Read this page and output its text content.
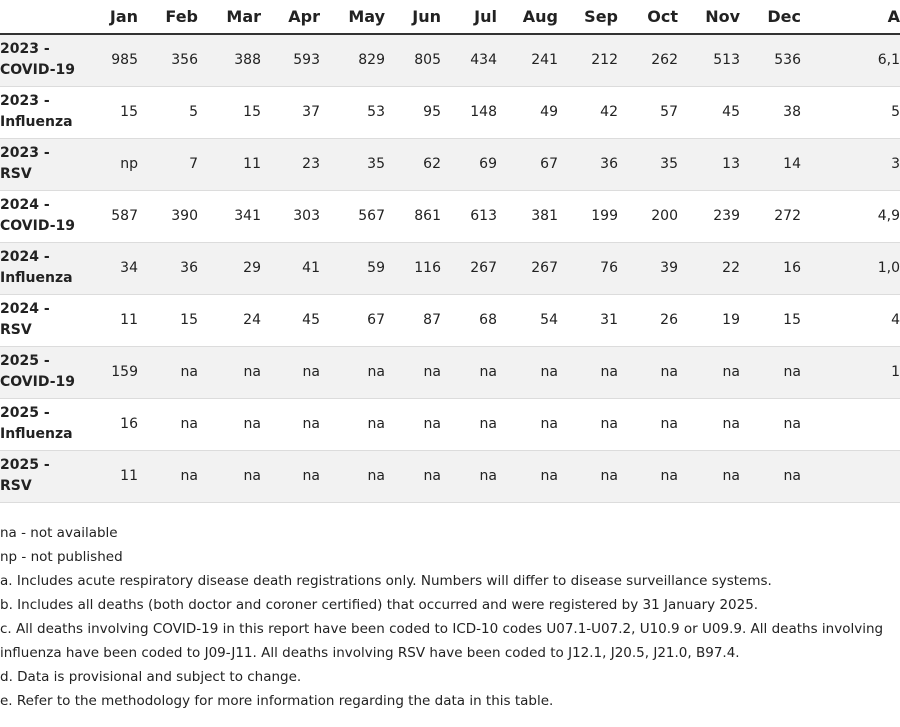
	Jan	Feb	Mar	Apr	May	Jun	Jul	Aug	Sep	Oct	Nov	Dec	A

2023 -
COVID-19	985	356	388	593	829	805	434	241	212	262	513	536	6,1

2023 -
Influenza	15	5	15	37	53	95	148	49	42	57	45	38	5

2023 -
RSV	np	7	11	23	35	62	69	67	36	35	13	14	3

2024 -
COVID-19	587	390	341	303	567	861	613	381	199	200	239	272	4,9

2024 -
Influenza	34	36	29	41	59	116	267	267	76	39	22	16	1,0

2024 -
RSV	11	15	24	45	67	87	68	54	31	26	19	15	4

2025 -
COVID-19	159	na	na	na	na	na	na	na	na	na	na	na	1

2025 -
Influenza	16	na	na	na	na	na	na	na	na	na	na	na	

2025 -
RSV	11	na	na	na	na	na	na	na	na	na	na	na	
na - not available
np - not published
a. Includes acute respiratory disease death registrations only. Numbers will differ to disease surveillance systems.
b. Includes all deaths (both doctor and coroner certified) that occurred and were registered by 31 January 2025.
c. All deaths involving COVID-19 in this report have been coded to ICD-10 codes U07.1-U07.2, U10.9 or U09.9. All deaths involving
influenza have been coded to J09-J11. All deaths involving RSV have been coded to J12.1, J20.5, J21.0, B97.4.
d. Data is provisional and subject to change.
e. Refer to the methodology for more information regarding the data in this table.
